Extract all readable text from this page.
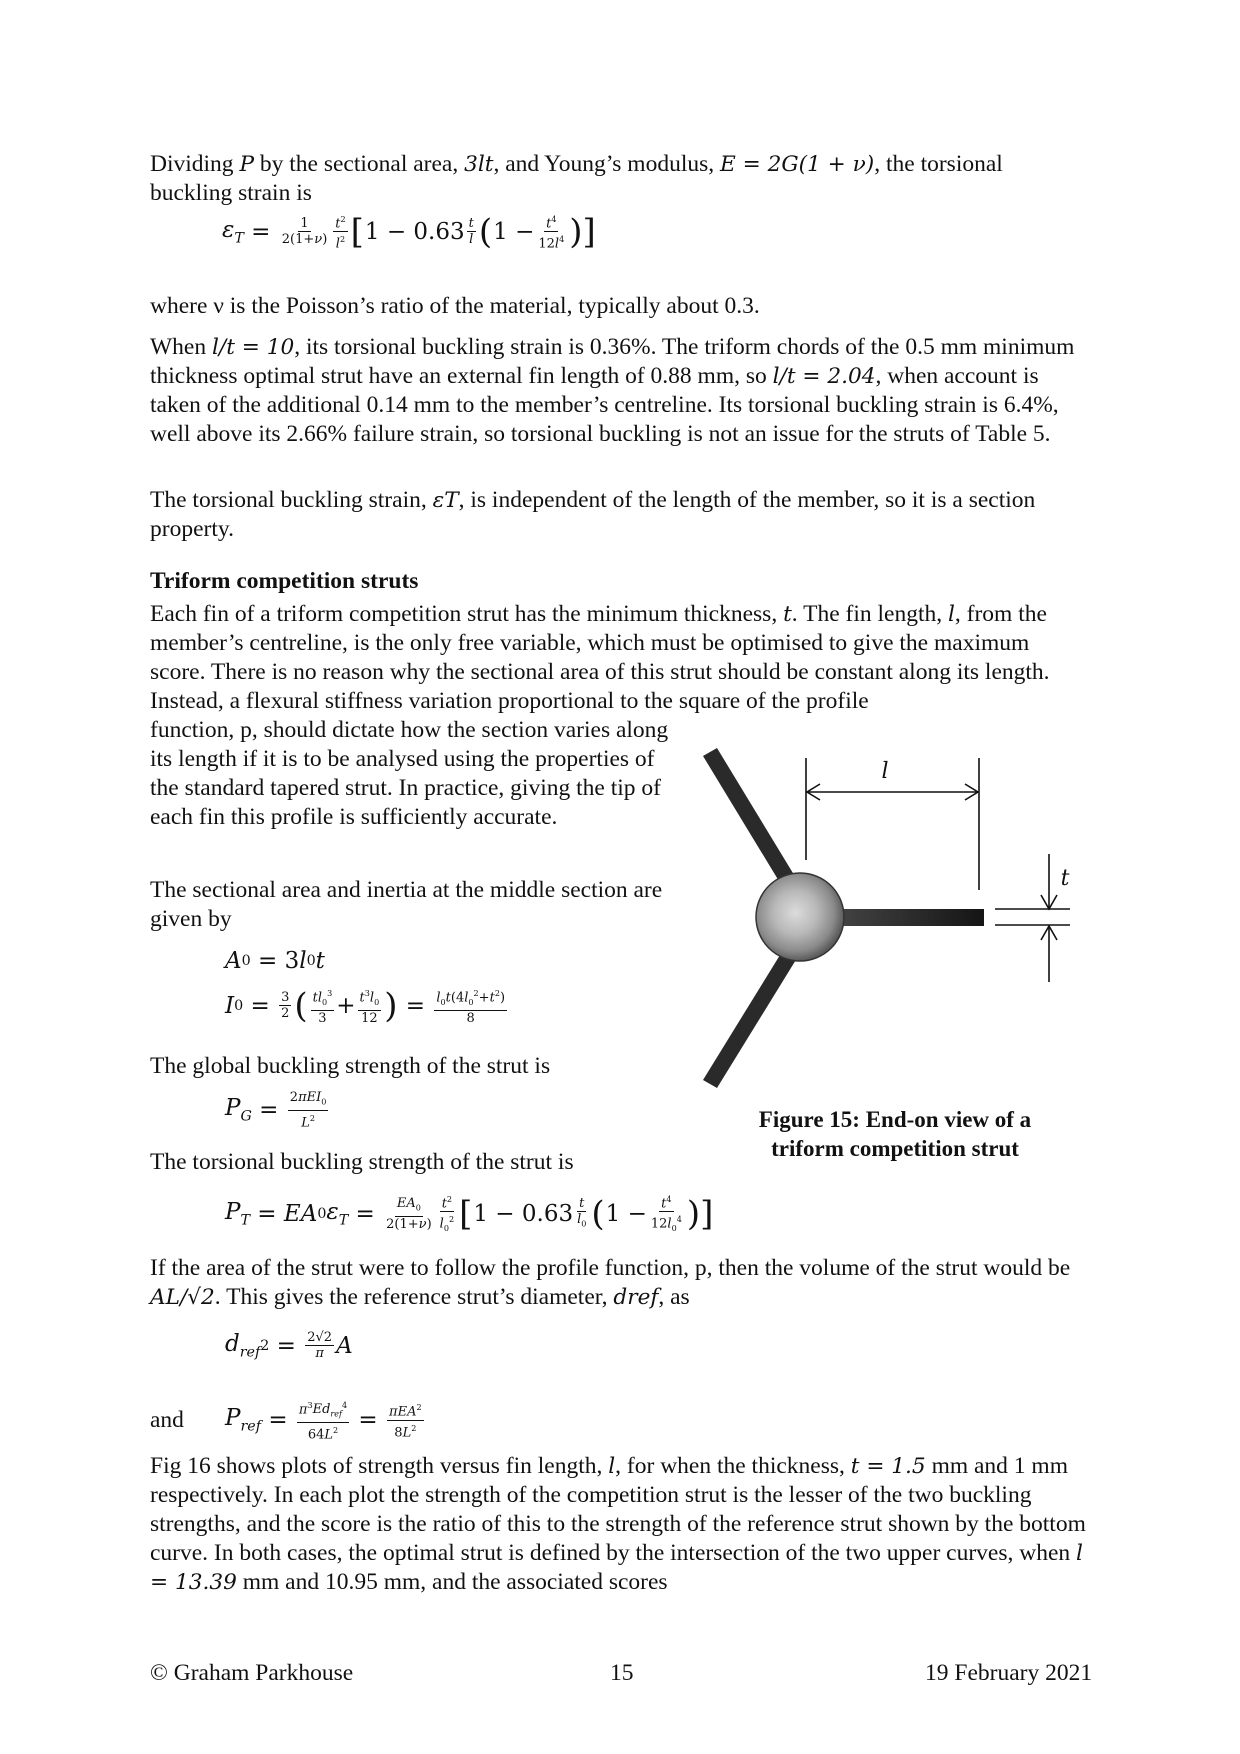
Dividing P by the sectional area, 3lt, and Young’s modulus, E = 2G(1 + ν), the torsional buckling strain is

$\varepsilon_T = \frac{1}{2(1+\nu)} \frac{t^2}{l^2}$ [ $1 - 0.63 \frac{t}{l}$ ( $1 - \frac{t^4}{12l^4}$ )]

where ν is the Poisson’s ratio of the material, typically about 0.3.

When l/t = 10, its torsional buckling strain is 0.36%. The triform chords of the 0.5 mm minimum thickness optimal strut have an external fin length of 0.88 mm, so l/t = 2.04, when account is taken of the additional 0.14 mm to the member’s centreline. Its torsional buckling strain is 6.4%, well above its 2.66% failure strain, so torsional buckling is not an issue for the struts of Table 5.

The torsional buckling strain, εT, is independent of the length of the member, so it is a section property.

Triform competition struts

Each fin of a triform competition strut has the minimum thickness, t. The fin length, l, from the member’s centreline, is the only free variable, which must be optimised to give the maximum score. There is no reason why the sectional area of this strut should be constant along its length. Instead, a flexural stiffness variation proportional to the square of the profile

function, p, should dictate how the section varies along its length if it is to be analysed using the properties of the standard tapered strut. In practice, giving the tip of each fin this profile is sufficiently accurate.

The sectional area and inertia at the middle section are given by

A 0 = 3 l 0 t
I $0 = \frac{3}{2}$ ( $\frac{tl_0^3}{3} + \frac{t^3l_0}{12}$ ) = $\frac{l_0t(4l_0^2+t^2)}{8}$

The global buckling strength of the strut is

$P_G = \frac{2\pi EI_0}{L^2}$

The torsional buckling strength of the strut is

$P_T$ = EA 0 $\varepsilon_T = \frac{EA_0}{2(1+\nu)} \frac{t^2}{l_0^2}$ [ $1 - 0.63 \frac{t}{l_0}$ ( $1 - \frac{t^4}{12l_0^4}$ )]

If the area of the strut were to follow the profile function, p, then the volume of the strut would be AL/√2. This gives the reference strut’s diameter, dref, as

$d_{ref}$ $2 = \frac{2√2}{\pi}$ A
and	$P_{ref} = \frac{\pi^3Ed_{ref}^4}{64L^2} = \frac{\pi EA^2}{8L^2}$

Fig 16 shows plots of strength versus fin length, l, for when the thickness, t = 1.5 mm and 1 mm respectively. In each plot the strength of the competition strut is the lesser of the two buckling strengths, and the score is the ratio of this to the strength of the reference strut shown by the bottom curve. In both cases, the optimal strut is defined by the intersection of the two upper curves, when l = 13.39 mm and 10.95 mm, and the associated scores

l
t
Figure 15: End-on view of a
triform competition strut
© Graham Parkhouse	15	19 February 2021
